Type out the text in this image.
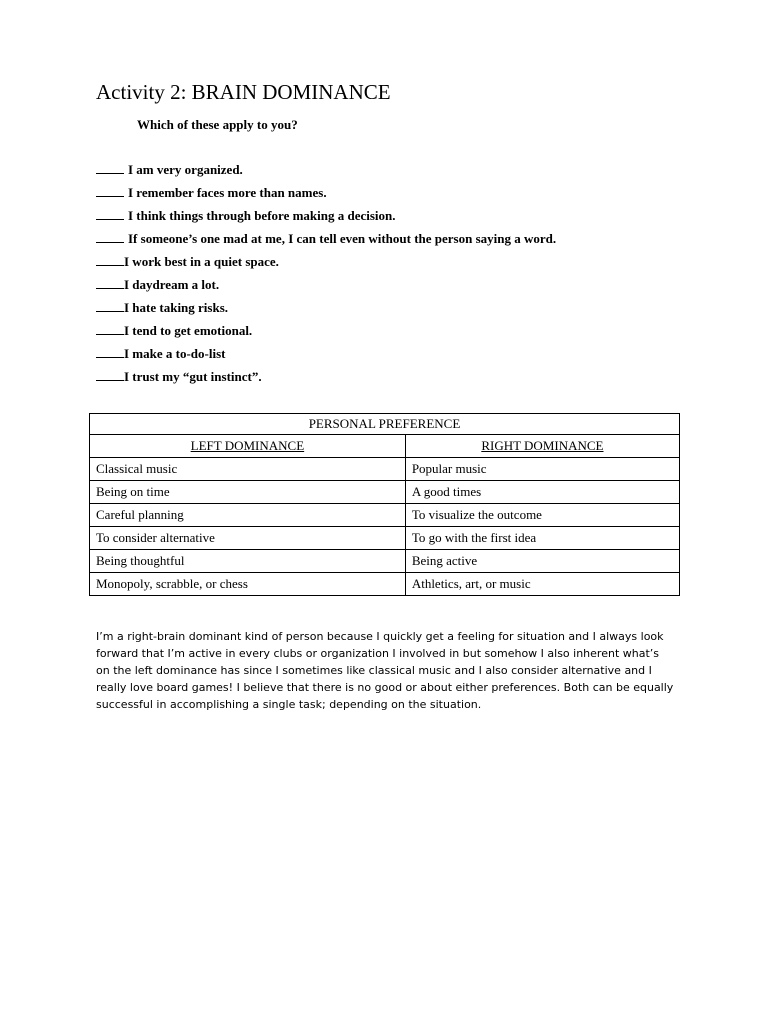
Activity 2: BRAIN DOMINANCE
Which of these apply to you?
I am very organized.
I remember faces more than names.
I think things through before making a decision.
If someone’s one mad at me, I can tell even without the person saying a word.
I work best in a quiet space.
I daydream a lot.
I hate taking risks.
I tend to get emotional.
I make a to-do-list
I trust my “gut instinct”.
PERSONAL PREFERENCE	
LEFT DOMINANCE	RIGHT DOMINANCE
Classical music	Popular music
Being on time	A good times
Careful planning	To visualize the outcome
To consider alternative	To go with the first idea
Being thoughtful	Being active
Monopoly, scrabble, or chess	Athletics, art, or music

I’m a right-brain dominant kind of person because I quickly get a feeling for situation and I always look forward that I’m active in every clubs or organization I involved in but somehow I also inherent what’s on the left dominance has since I sometimes like classical music and I also consider alternative and I really love board games! I believe that there is no good or about either preferences. Both can be equally successful in accomplishing a single task; depending on the situation.
